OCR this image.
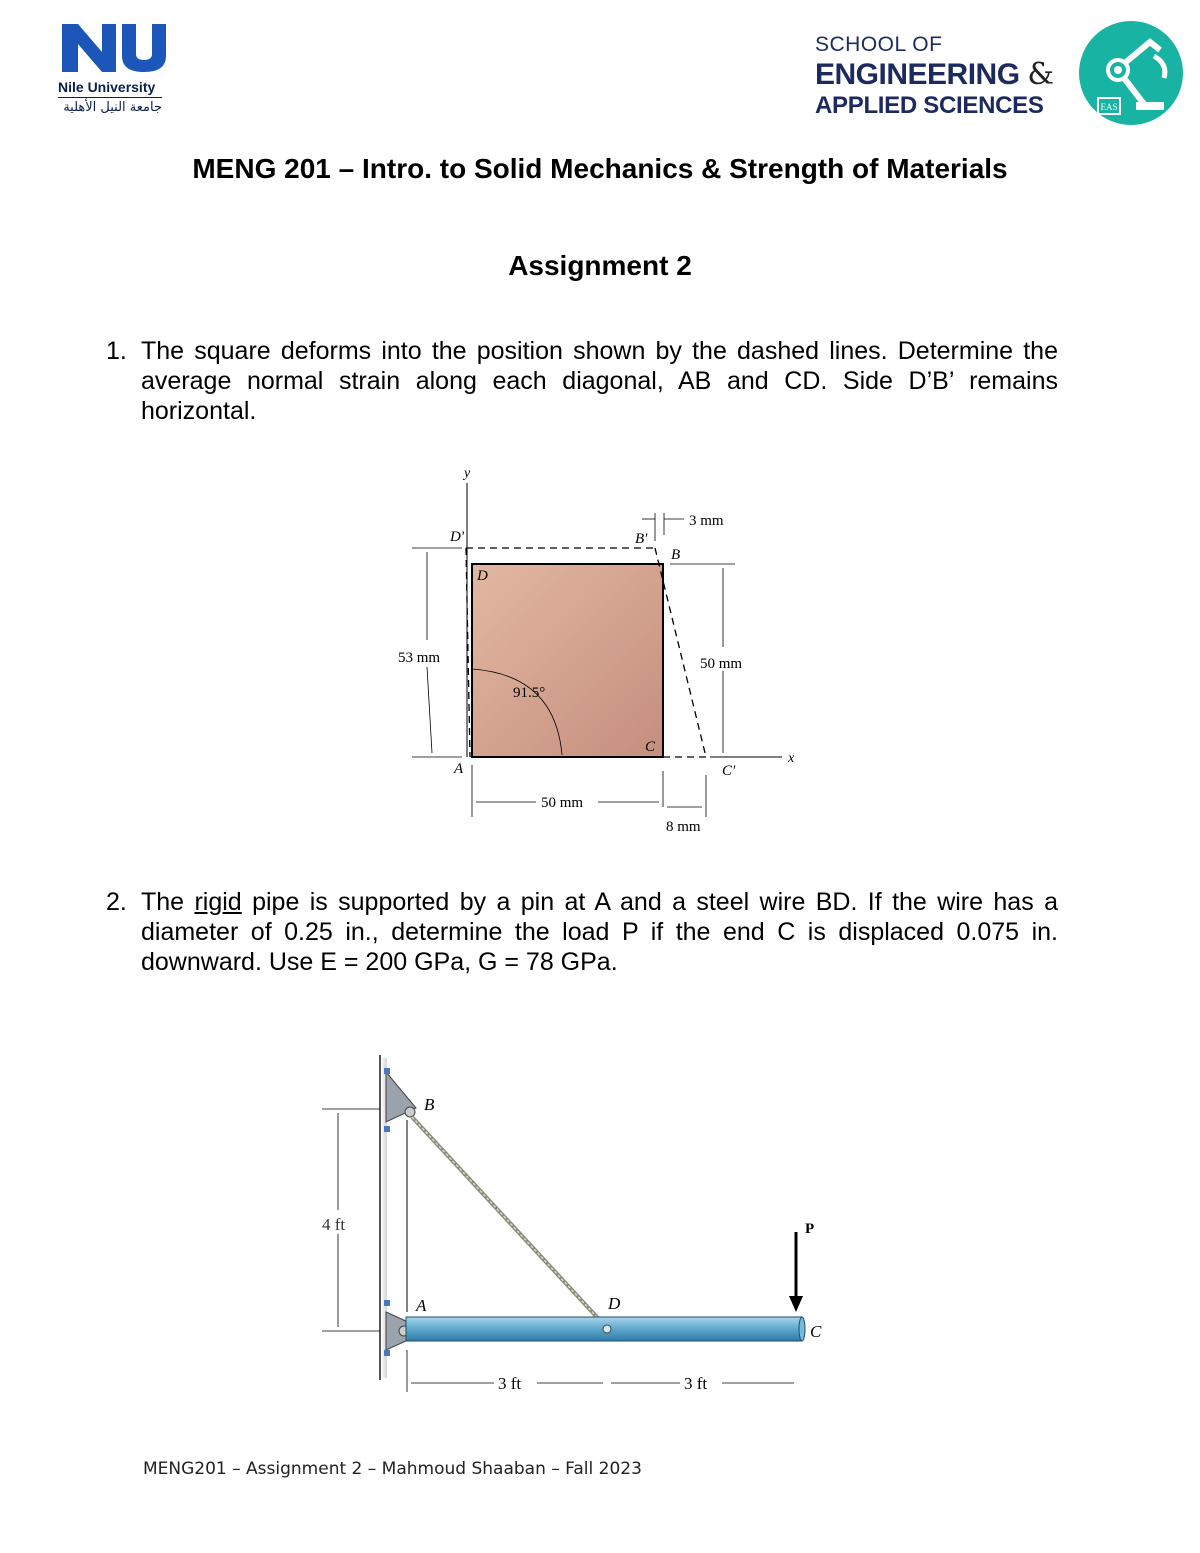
Nile University
جامعة النيل الأهلية
SCHOOL OF
ENGINEERING &
APPLIED SCIENCES	EAS
MENG 201 – Intro. to Solid Mechanics & Strength of Materials
Assignment 2
1. The square deforms into the position shown by the dashed lines. Determine the average normal strain along each diagonal, AB and CD. Side D’B’ remains horizontal.
y
x
D'	B'
B
D
A
C
C'
3 mm
53 mm	50 mm
91.5°
50 mm
8 mm
2. The rigid pipe is supported by a pin at A and a steel wire BD. If the wire has a diameter of 0.25 in., determine the load P if the end C is displaced 0.075 in. downward. Use E = 200 GPa, G = 78 GPa.
B
A	D
C
P
4 ft
3 ft	3 ft
MENG201 – Assignment 2 – Mahmoud Shaaban – Fall 2023
